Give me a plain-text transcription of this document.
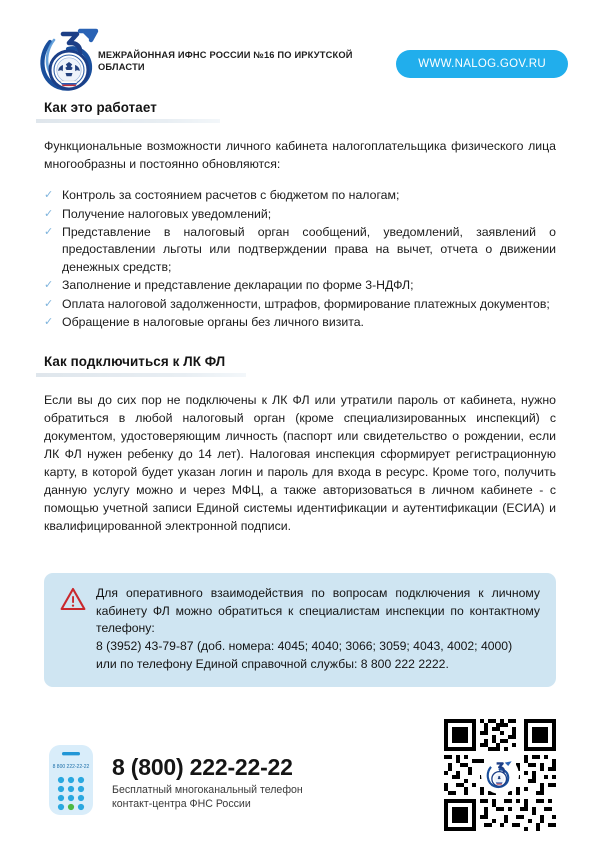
МЕЖРАЙОННАЯ ИФНС РОССИИ №16 ПО ИРКУТСКОЙ ОБЛАСТИ	WWW.NALOG.GOV.RU
Как это работает

Функциональные возможности личного кабинета налогоплательщика физического лица многообразны и постоянно обновляются:

✓ Контроль за состоянием расчетов с бюджетом по налогам;
✓ Получение налоговых уведомлений;
✓ Представление в налоговый орган сообщений, уведомлений, заявлений о предоставлении льготы или подтверждении права на вычет, отчета о движении денежных средств;
✓ Заполнение и представление декларации по форме 3-НДФЛ;
✓ Оплата налоговой задолженности, штрафов, формирование платежных документов;
✓ Обращение в налоговые органы без личного визита.
Как подключиться к ЛК ФЛ

Если вы до сих пор не подключены к ЛК ФЛ или утратили пароль от кабинета, нужно обратиться в любой налоговый орган (кроме специализированных инспекций) с документом, удостоверяющим личность (паспорт или свидетельство о рождении, если ЛК ФЛ нужен ребенку до 14 лет). Налоговая инспекция сформирует регистрационную карту, в которой будет указан логин и пароль для входа в ресурс. Кроме того, получить данную услугу можно и через МФЦ, а также авторизоваться в личном кабинете - с помощью учетной записи Единой системы идентификации и аутентификации (ЕСИА) и квалифицированной электронной подписи.

Для оперативного взаимодействия по вопросам подключения к личному кабинету ФЛ можно обратиться к специалистам инспекции по контактному телефону:
8 (3952) 43-79-87 (доб. номера: 4045; 4040; 3066; 3059; 4043, 4002; 4000)
или по телефону Единой справочной службы: 8 800 222 2222.
8 800 222-22-22 8 (800) 222-22-22

Бесплатный многоканальный телефон
контакт-центра ФНС России
